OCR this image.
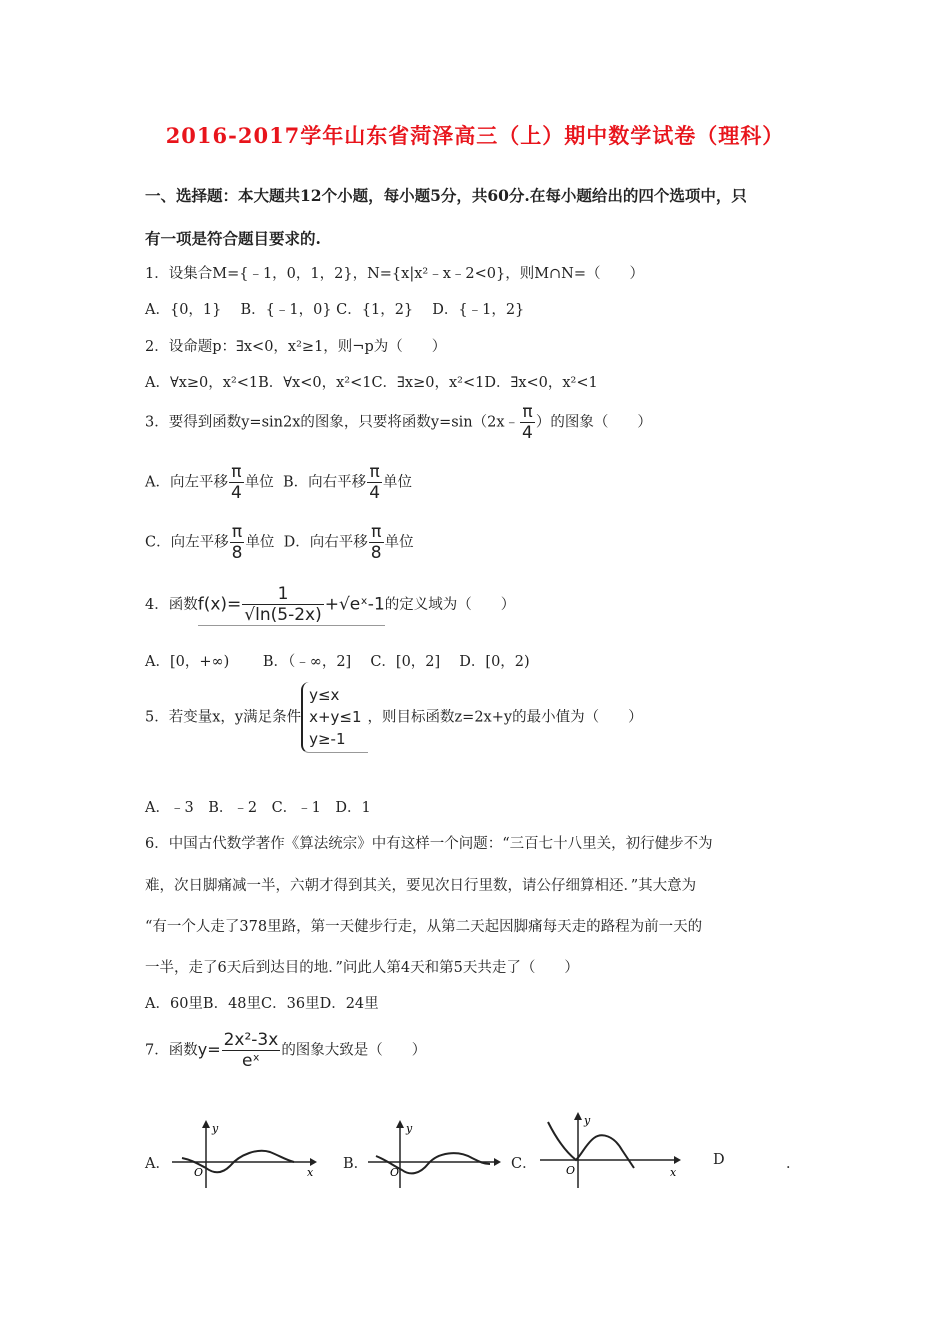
2016-2017学年山东省菏泽高三（上）期中数学试卷（理科）
一、选择题：本大题共12个小题，每小题5分，共60分.在每小题给出的四个选项中，只
有一项是符合题目要求的.
1．设集合M={﹣1，0，1，2}，N={x|x²﹣x﹣2<0}，则M∩N=（　　）
A．{0，1}　 B．{﹣1，0} C．{1，2}　 D．{﹣1，2}
2．设命题p：∃x<0，x²≥1，则¬p为（　　）
A．∀x≥0，x²<1B．∀x<0，x²<1C．∃x≥0，x²<1D．∃x<0，x²<1
3．要得到函数y=sin2x的图象，只要将函数y=sin（2x﹣ $\frac{\pi}{4}$ ）的图象（　　）
A．向左平移 $\frac{\pi}{4}$ 单位 B．向右平移 $\frac{\pi}{4}$ 单位
C．向左平移 $\frac{\pi}{8}$ 单位 D．向右平移 $\frac{\pi}{8}$ 单位
4．函数$f(x)= \frac{1}{√\ln(5-2x)}$ +√eˣ-1的定义域为（　　）
A．[0，+∞)　　 B．（﹣∞，2]　 C．[0，2]　 D．[0，2)
5．若变量x，y满足条件
y≤x
x+y≤1
y≥-1
，则目标函数z=2x+y的最小值为（　　）
A．﹣3　B．﹣2　C．﹣1　D．1
6．中国古代数学著作《算法统宗》中有这样一个问题：“三百七十八里关，初行健步不为
难，次日脚痛减一半，六朝才得到其关，要见次日行里数，请公仔细算相还．”其大意为
“有一个人走了378里路，第一天健步行走，从第二天起因脚痛每天走的路程为前一天的
一半，走了6天后到达目的地．”问此人第4天和第5天共走了（　　）
A．60里B．48里C．36里D．24里
7．函数$y= \frac{\text{2x²-3x}}{\text{eˣ}}$ 的图象大致是（　　）
A．
y
x
O
B．
y
O
C．
y
x
O
D	．
